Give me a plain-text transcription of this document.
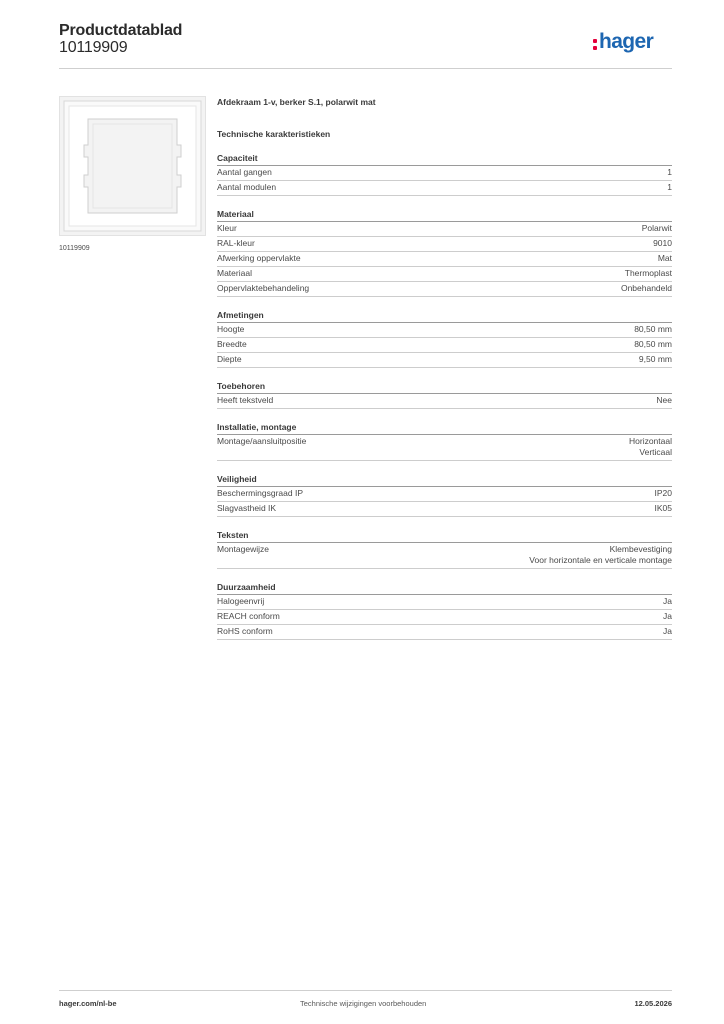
Productdatablad
10119909	hager
10119909
Afdekraam 1-v, berker S.1, polarwit mat
Technische karakteristieken
Capaciteit
Aantal gangen	1
Aantal modulen	1
Materiaal
Kleur	Polarwit
RAL-kleur	9010
Afwerking oppervlakte	Mat
Materiaal	Thermoplast
Oppervlaktebehandeling	Onbehandeld
Afmetingen
Hoogte	80,50 mm
Breedte	80,50 mm
Diepte	9,50 mm
Toebehoren
Heeft tekstveld	Nee
Installatie, montage
Montage/aansluitpositie	Horizontaal
Verticaal
Veiligheid
Beschermingsgraad IP	IP20
Slagvastheid IK	IK05
Teksten
Montagewijze	Klembevestiging
Voor horizontale en verticale montage
Duurzaamheid
Halogeenvrij	Ja
REACH conform	Ja
RoHS conform	Ja
hager.com/nl-be	Technische wijzigingen voorbehouden	12.05.2026
